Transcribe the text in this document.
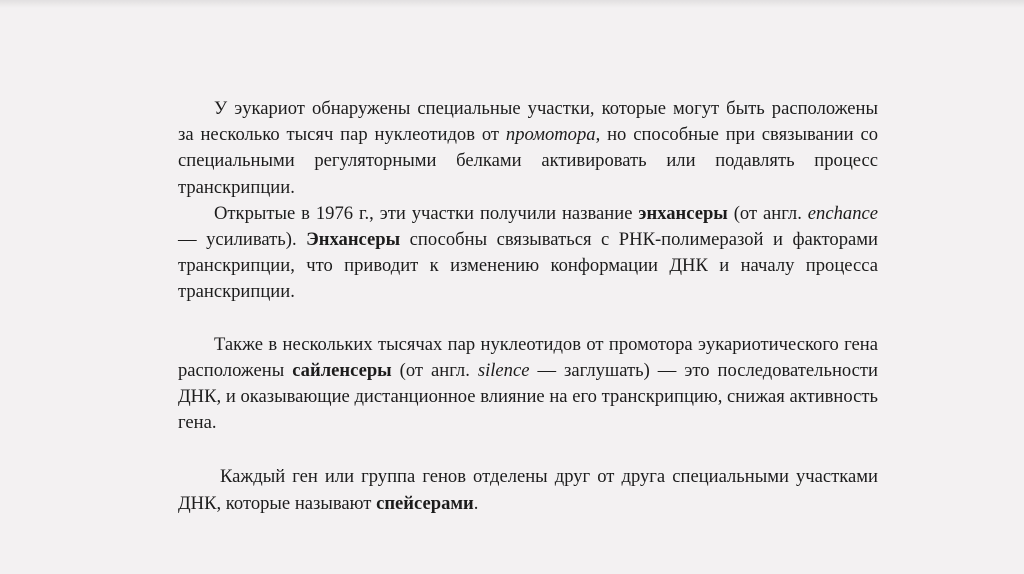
У эукариот обнаружены специальные участки, которые могут быть расположены за несколько тысяч пар нуклеотидов от промотора, но способные при связывании со специальными регуляторными белками активировать или подавлять процесс транскрипции.

Открытые в 1976 г., эти участки получили название энхансеры (от англ. enchance — усиливать). Энхансеры способны связываться с РНК-полимеразой и факторами транскрипции, что приводит к изменению конформации ДНК и началу процесса транскрипции.

Также в нескольких тысячах пар нуклеотидов от промотора эукариотического гена расположены сайленсеры (от англ. silence — заглушать) — это последовательности ДНК, и оказывающие дистанционное влияние на его транскрипцию, снижая активность гена.

Каждый ген или группа генов отделены друг от друга специальными участками ДНК, которые называют спейсерами.
